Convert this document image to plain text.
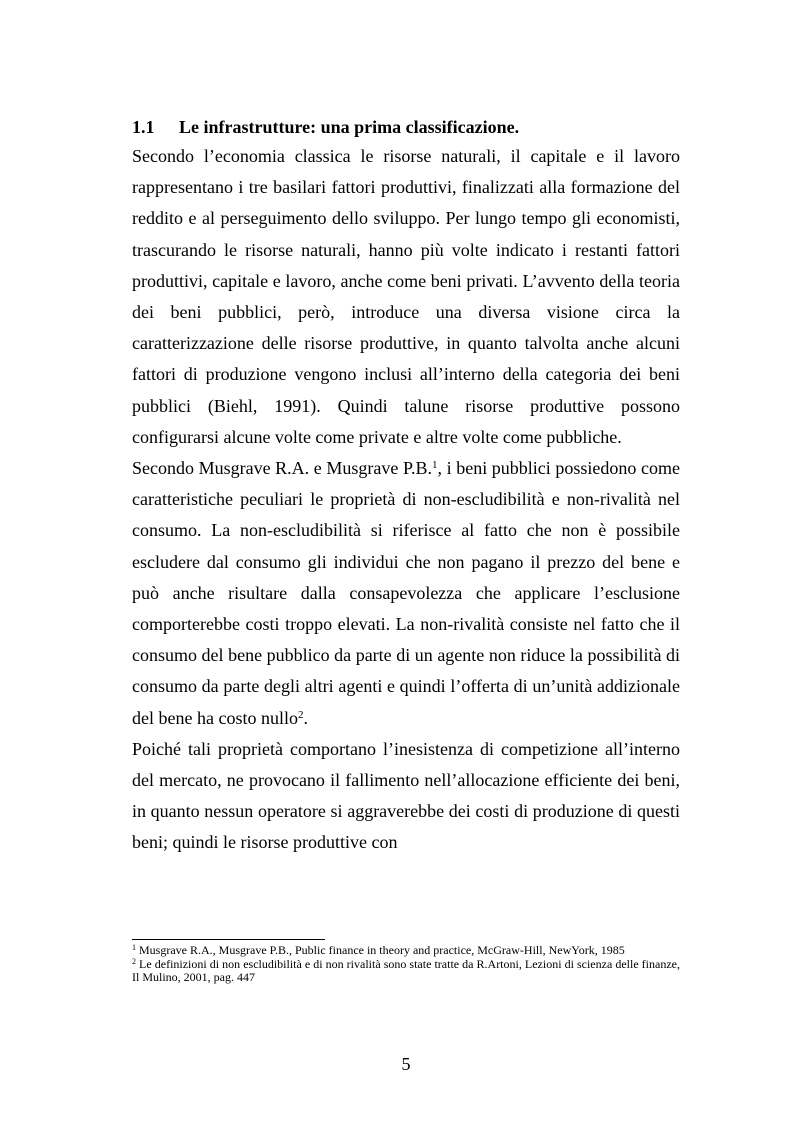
1.1 Le infrastrutture: una prima classificazione.

Secondo l’economia classica le risorse naturali, il capitale e il lavoro rappresentano i tre basilari fattori produttivi, finalizzati alla formazione del reddito e al perseguimento dello sviluppo. Per lungo tempo gli economisti, trascurando le risorse naturali, hanno più volte indicato i restanti fattori produttivi, capitale e lavoro, anche come beni privati. L’avvento della teoria dei beni pubblici, però, introduce una diversa visione circa la caratterizzazione delle risorse produttive, in quanto talvolta anche alcuni fattori di produzione vengono inclusi all’interno della categoria dei beni pubblici (Biehl, 1991). Quindi talune risorse produttive possono configurarsi alcune volte come private e altre volte come pubbliche.

Secondo Musgrave R.A. e Musgrave P.B.$^1$, i beni pubblici possiedono come caratteristiche peculiari le proprietà di non-escludibilità e non-rivalità nel consumo. La non-escludibilità si riferisce al fatto che non è possibile escludere dal consumo gli individui che non pagano il prezzo del bene e può anche risultare dalla consapevolezza che applicare l’esclusione comporterebbe costi troppo elevati. La non-rivalità consiste nel fatto che il consumo del bene pubblico da parte di un agente non riduce la possibilità di consumo da parte degli altri agenti e quindi l’offerta di un’unità addizionale del bene ha costo nullo$^2$.

Poiché tali proprietà comportano l’inesistenza di competizione all’interno del mercato, ne provocano il fallimento nell’allocazione efficiente dei beni, in quanto nessun operatore si aggraverebbe dei costi di produzione di questi beni; quindi le risorse produttive con

$^1$ Musgrave R.A., Musgrave P.B., Public finance in theory and practice, McGraw-Hill, NewYork, 1985

$^2$ Le definizioni di non escludibilità e di non rivalità sono state tratte da R.Artoni, Lezioni di scienza delle finanze, Il Mulino, 2001, pag. 447

5
